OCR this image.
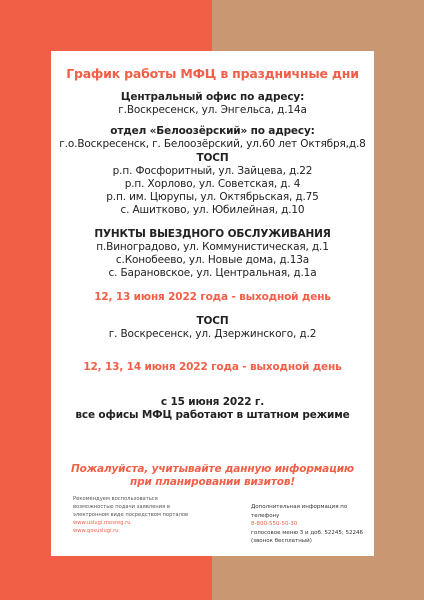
График работы МФЦ в праздничные дни
Центральный офис по адресу:
г.Воскресенск, ул. Энгельса, д.14а
отдел «Белоозёрский» по адресу:
г.о.Воскресенск, г. Белоозёрский, ул.60 лет Октября,д.8
ТОСП
р.п. Фосфоритный, ул. Зайцева, д.22
р.п. Хорлово, ул. Советская, д. 4
р.п. им. Цюрупы, ул. Октябрьская, д.75
с. Ашитково, ул. Юбилейная, д.10
ПУНКТЫ ВЫЕЗДНОГО ОБСЛУЖИВАНИЯ
п.Виноградово, ул. Коммунистическая, д.1
с.Конобеево, ул. Новые дома, д.13а
с. Барановское, ул. Центральная, д.1а
12, 13 июня 2022 года - выходной день
ТОСП
г. Воскресенск, ул. Дзержинского, д.2
12, 13, 14 июня 2022 года - выходной день
с 15 июня 2022 г.
все офисы МФЦ работают в штатном режиме
Пожалуйста, учитывайте данную информацию
при планировании визитов!
Рекомендуем воспользоваться
возможностью подачи заявления в
электронном виде посредством порталов
www.uslugi.mosreg.ru
www.gosuslugi.ru
Дополнительная информация по телефону
8-800-550-50-30
голосовое меню 3 и доб. 52245; 52246
(звонок бесплатный)
